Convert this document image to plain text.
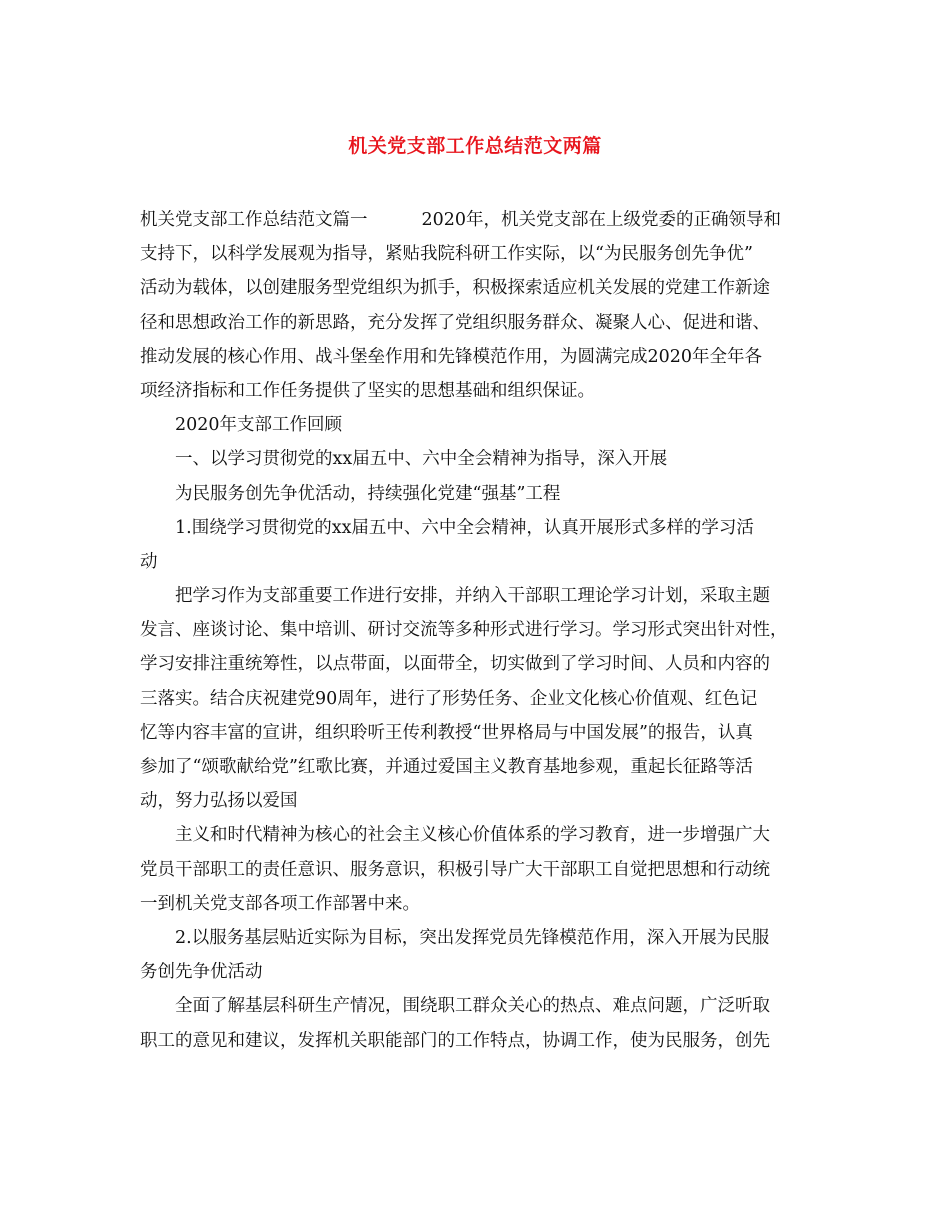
机关党支部工作总结范文两篇
机关党支部工作总结范文篇一	2020年，机关党支部在上级党委的正确领导和
支持下，以科学发展观为指导，紧贴我院科研工作实际，以“为民服务创先争优”
活动为载体，以创建服务型党组织为抓手，积极探索适应机关发展的党建工作新途
径和思想政治工作的新思路，充分发挥了党组织服务群众、凝聚人心、促进和谐、
推动发展的核心作用、战斗堡垒作用和先锋模范作用，为圆满完成2020年全年各
项经济指标和工作任务提供了坚实的思想基础和组织保证。
2020年支部工作回顾
一、以学习贯彻党的xx届五中、六中全会精神为指导，深入开展
为民服务创先争优活动，持续强化党建“强基”工程
1.围绕学习贯彻党的xx届五中、六中全会精神，认真开展形式多样的学习活
动
把学习作为支部重要工作进行安排，并纳入干部职工理论学习计划，采取主题
发言、座谈讨论、集中培训、研讨交流等多种形式进行学习。学习形式突出针对性，
学习安排注重统筹性，以点带面，以面带全，切实做到了学习时间、人员和内容的
三落实。结合庆祝建党90周年，进行了形势任务、企业文化核心价值观、红色记
忆等内容丰富的宣讲，组织聆听王传利教授“世界格局与中国发展”的报告，认真
参加了“颂歌献给党”红歌比赛，并通过爱国主义教育基地参观，重起长征路等活
动，努力弘扬以爱国
主义和时代精神为核心的社会主义核心价值体系的学习教育，进一步增强广大
党员干部职工的责任意识、服务意识，积极引导广大干部职工自觉把思想和行动统
一到机关党支部各项工作部署中来。
2.以服务基层贴近实际为目标，突出发挥党员先锋模范作用，深入开展为民服
务创先争优活动
全面了解基层科研生产情况，围绕职工群众关心的热点、难点问题，广泛听取
职工的意见和建议，发挥机关职能部门的工作特点，协调工作，使为民服务，创先
